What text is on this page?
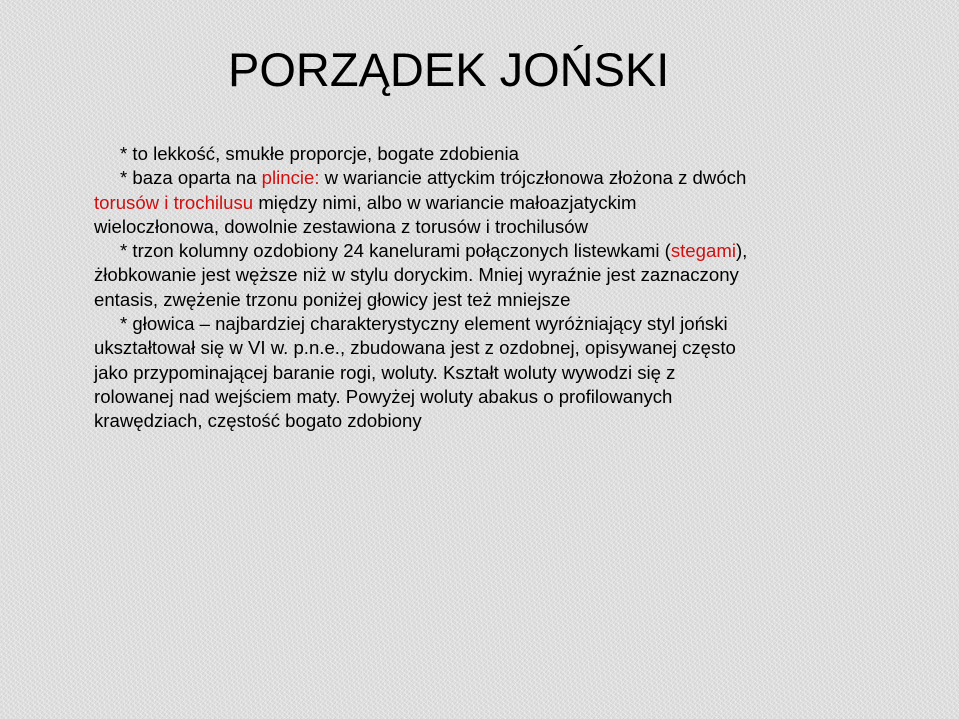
PORZĄDEK JOŃSKI
* to lekkość, smukłe proporcje, bogate zdobienia
* baza oparta na plincie: w wariancie attyckim trójczłonowa złożona z dwóch
torusów i trochilusu między nimi, albo w wariancie małoazjatyckim
wieloczłonowa, dowolnie zestawiona z torusów i trochilusów
* trzon kolumny ozdobiony 24 kanelurami połączonych listewkami (stegami),
żłobkowanie jest węższe niż w stylu doryckim. Mniej wyraźnie jest zaznaczony
entasis, zwężenie trzonu poniżej głowicy jest też mniejsze
* głowica – najbardziej charakterystyczny element wyróżniający styl joński
ukształtował się w VI w. p.n.e., zbudowana jest z ozdobnej, opisywanej często
jako przypominającej baranie rogi, woluty. Kształt woluty wywodzi się z
rolowanej nad wejściem maty. Powyżej woluty abakus o profilowanych
krawędziach, częstość bogato zdobiony
